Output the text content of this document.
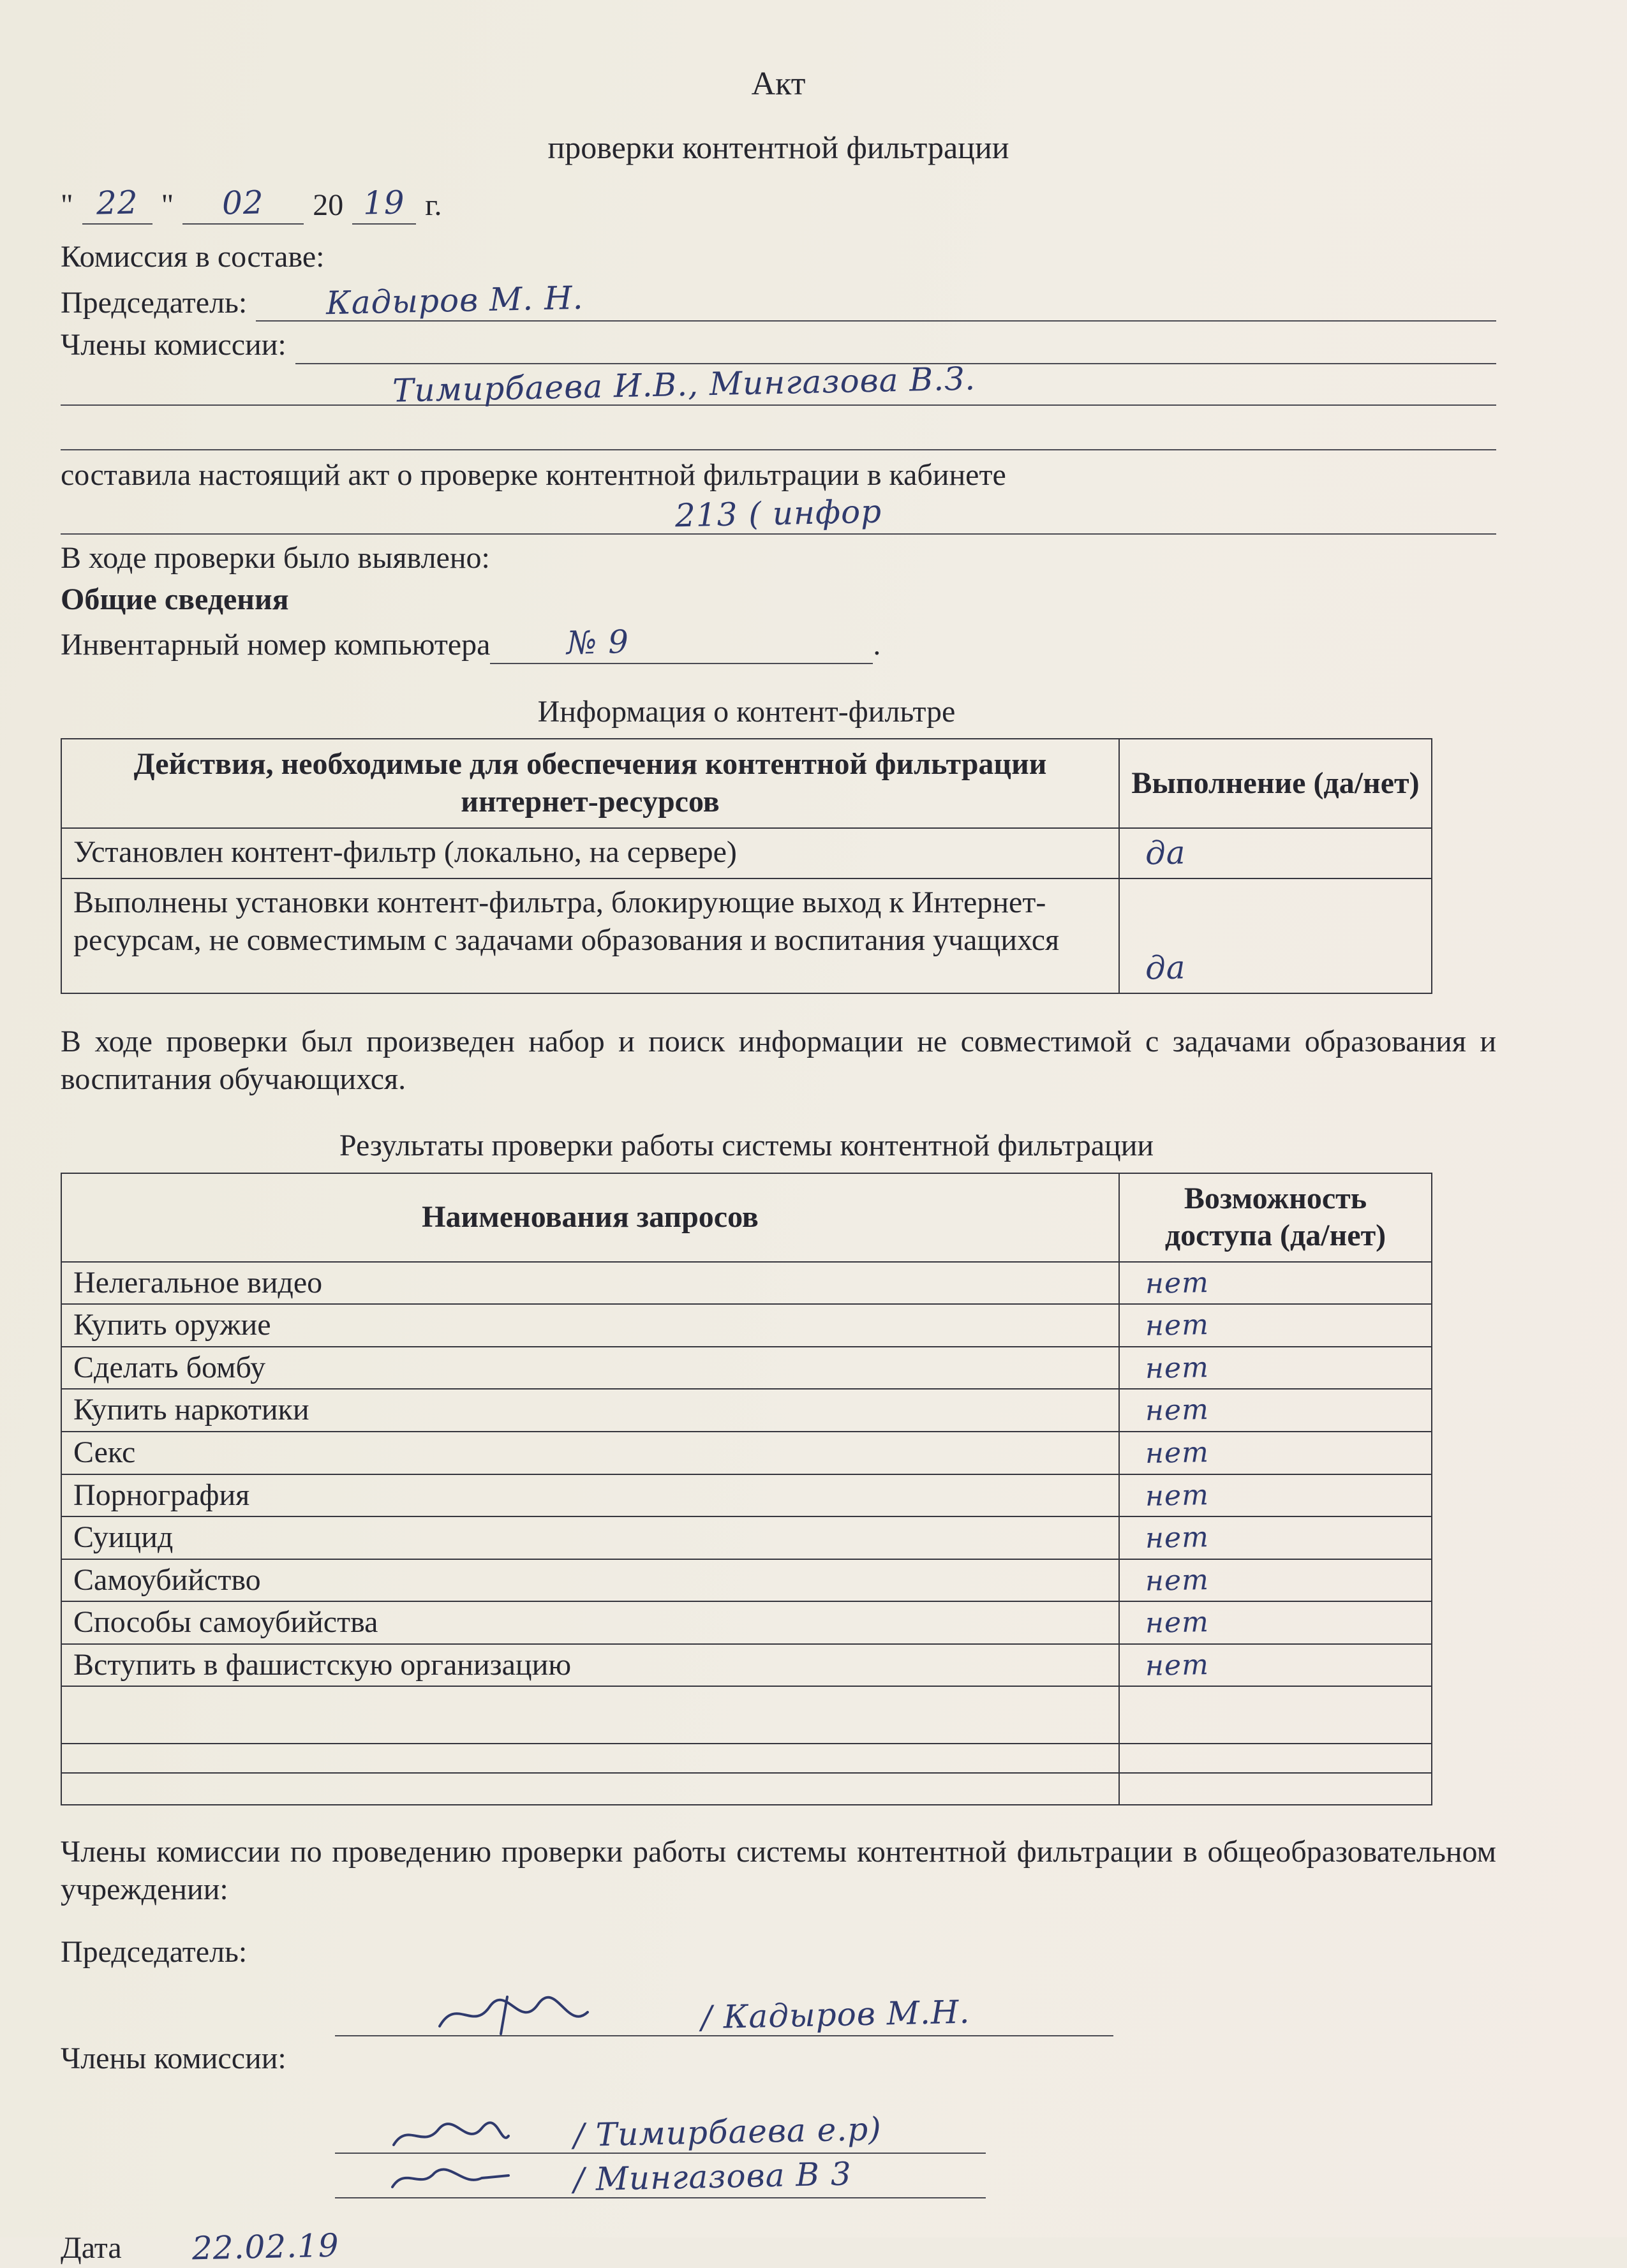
Акт
проверки контентной фильтрации
" 22 "	02	20 19 г.
Комиссия в составе:
Председатель:	Кадыров М. Н.
Члены комиссии:
Тимирбаева И.В., Мингазова В.З.
составила настоящий акт о проверке контентной фильтрации в кабинете
213 ( инфор
В ходе проверки было выявлено:
Общие сведения
Инвентарный номер компьютера	№ 9	.
Информация о контент-фильтре
Действия, необходимые для обеспечения контентной фильтрации интернет-ресурсов	Выполнение (да/нет)
Установлен контент-фильтр (локально, на сервере)	да
Выполнены установки контент-фильтра, блокирующие выход к Интернет-ресурсам, не совместимым с задачами образования и воспитания учащихся	да
В ходе проверки был произведен набор и поиск информации не совместимой с задачами образования и воспитания обучающихся.
Результаты проверки работы системы контентной фильтрации
Наименования запросов	Возможность доступа (да/нет)
Нелегальное видео	нет
Купить оружие	нет
Сделать бомбу	нет
Купить наркотики	нет
Секс	нет
Порнография	нет
Суицид	нет
Самоубийство	нет
Способы самоубийства	нет
Вступить в фашистскую организацию	нет

Члены комиссии по проведению проверки работы системы контентной фильтрации в общеобразовательном учреждении:
Председатель:
/ Кадыров М.Н.
Члены комиссии:
/ Тимирбаева е.р)
/ Мингазова В 3
Дата 22.02.19
